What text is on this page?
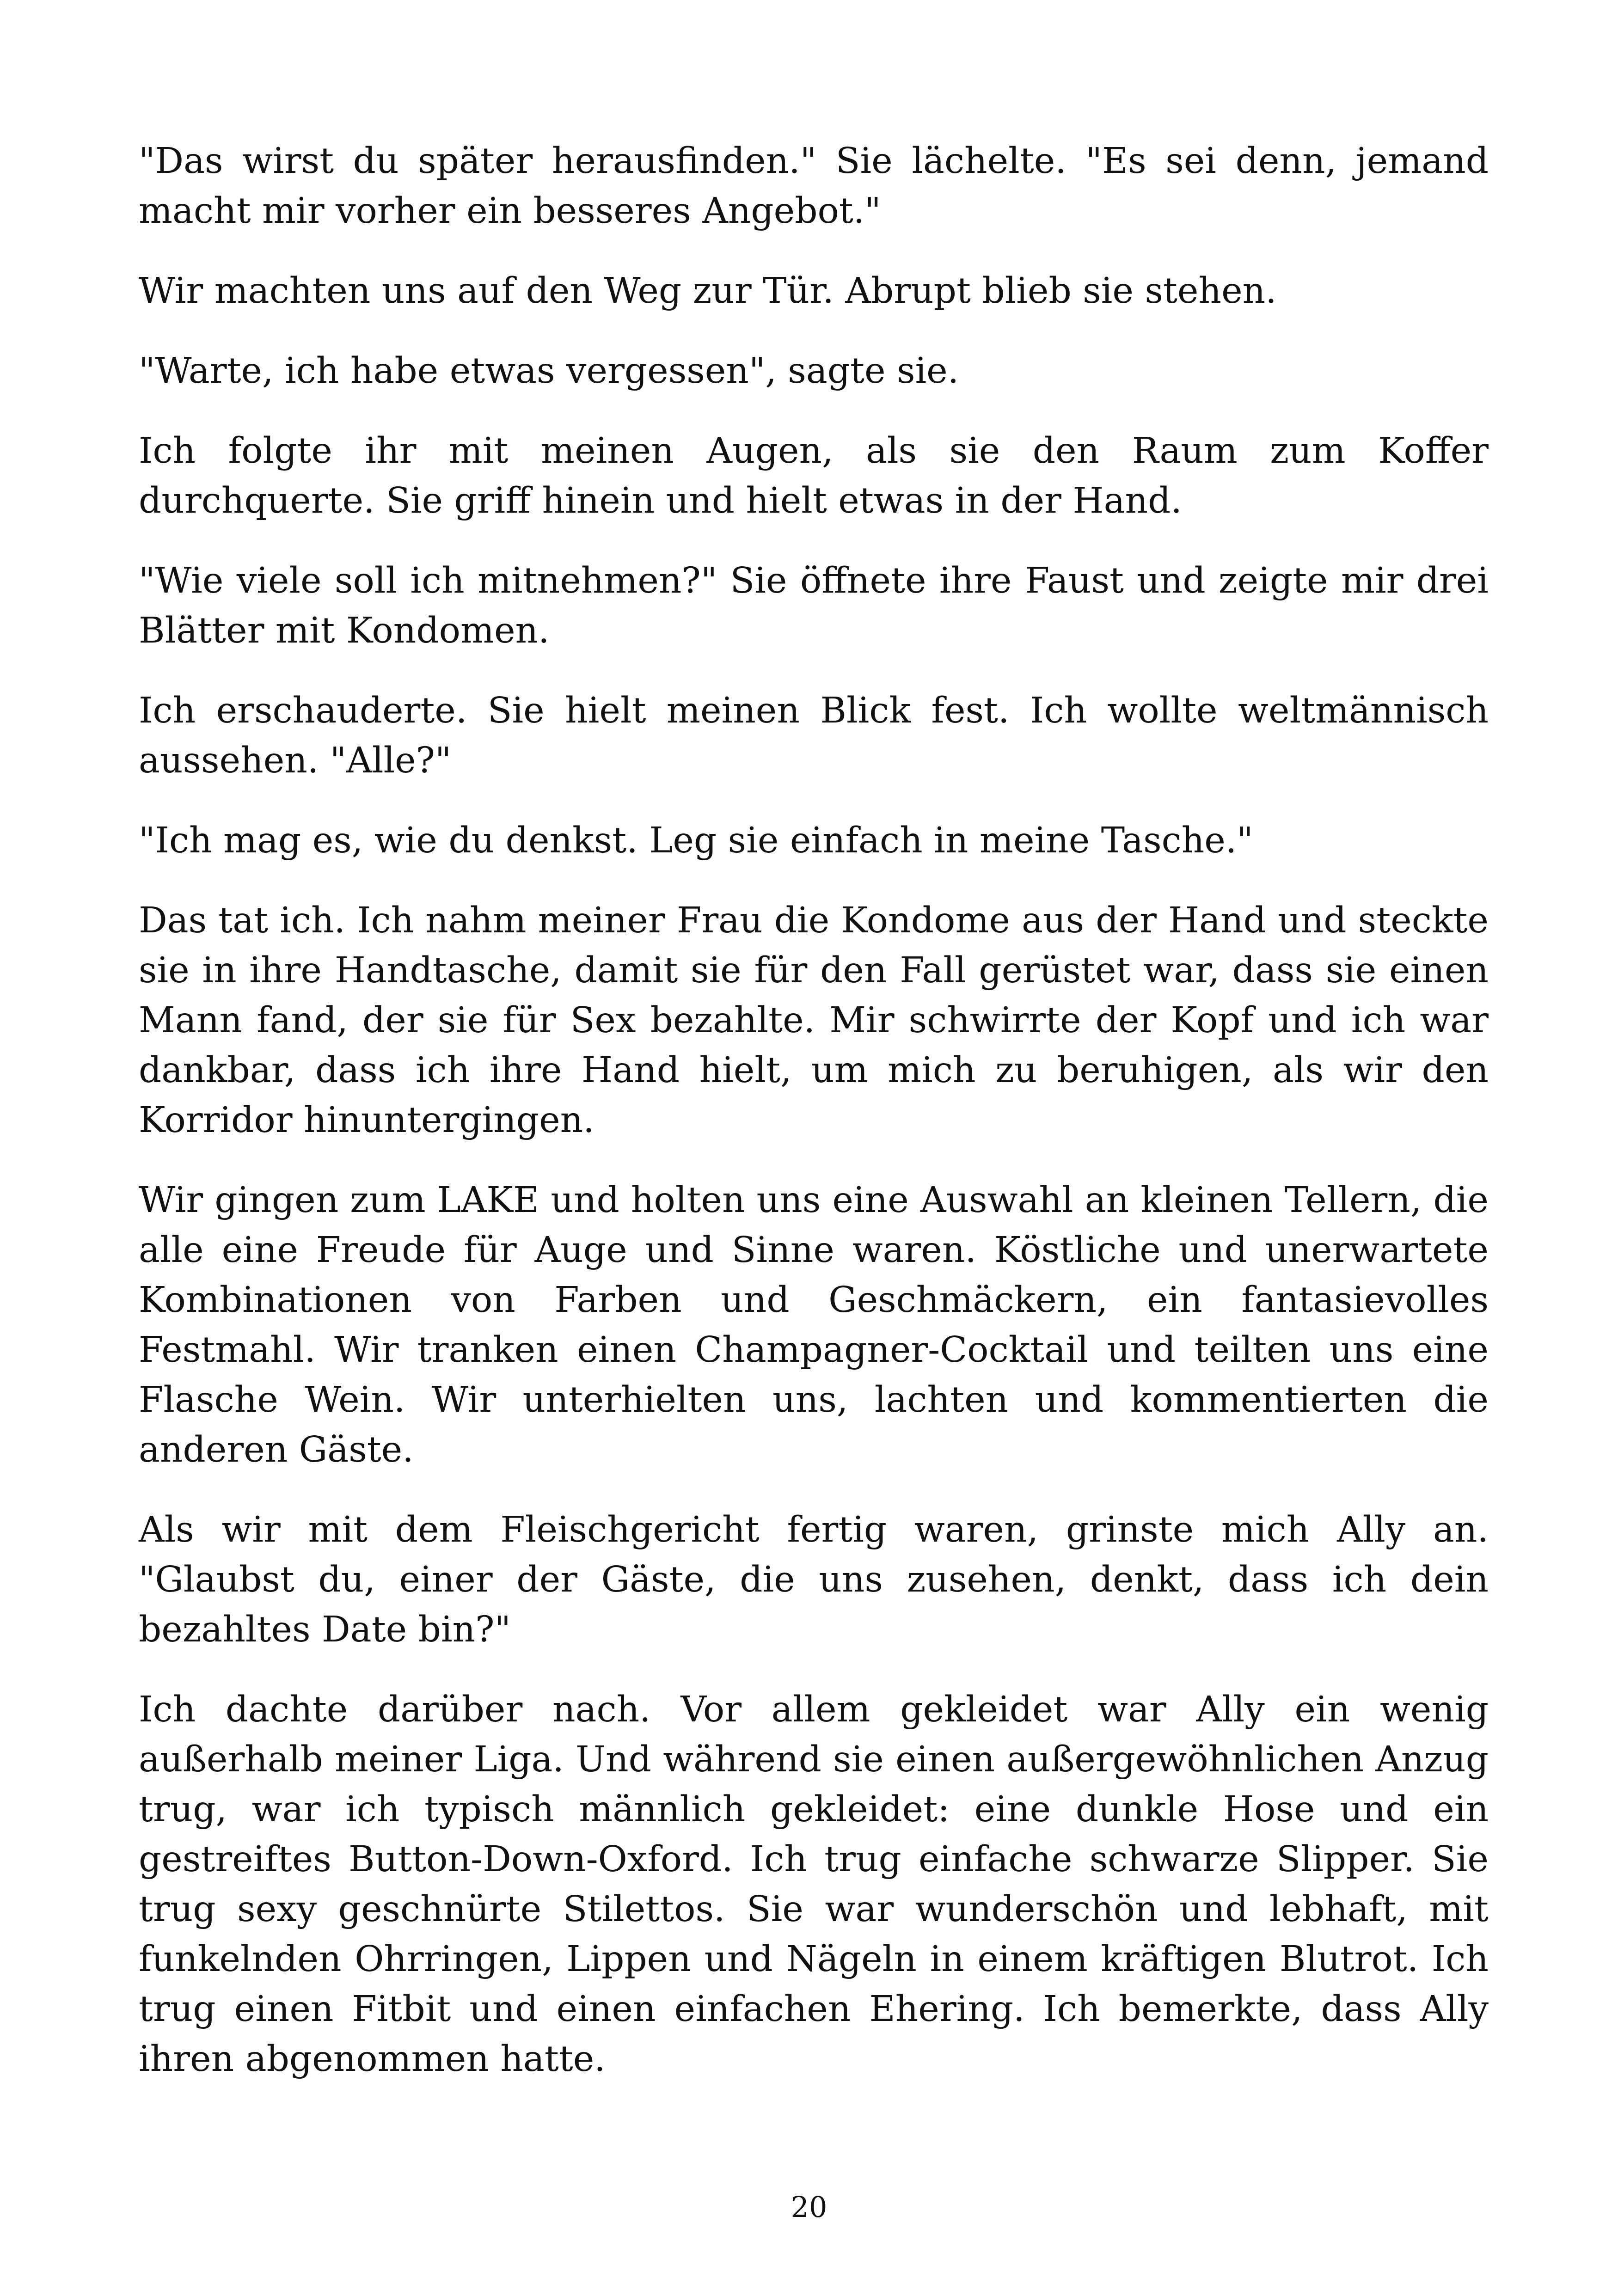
"Das wirst du später herausfinden." Sie lächelte. "Es sei denn, jemand macht mir vorher ein besseres Angebot."

Wir machten uns auf den Weg zur Tür. Abrupt blieb sie stehen.

"Warte, ich habe etwas vergessen", sagte sie.

Ich folgte ihr mit meinen Augen, als sie den Raum zum Koffer durchquerte. Sie griff hinein und hielt etwas in der Hand.

"Wie viele soll ich mitnehmen?" Sie öffnete ihre Faust und zeigte mir drei Blätter mit Kondomen.

Ich erschauderte. Sie hielt meinen Blick fest. Ich wollte weltmännisch aussehen. "Alle?"

"Ich mag es, wie du denkst. Leg sie einfach in meine Tasche."

Das tat ich. Ich nahm meiner Frau die Kondome aus der Hand und steckte sie in ihre Handtasche, damit sie für den Fall gerüstet war, dass sie einen Mann fand, der sie für Sex bezahlte. Mir schwirrte der Kopf und ich war dankbar, dass ich ihre Hand hielt, um mich zu beruhigen, als wir den Korridor hinuntergingen.

Wir gingen zum LAKE und holten uns eine Auswahl an kleinen Tellern, die alle eine Freude für Auge und Sinne waren. Köstliche und unerwartete Kombinationen von Farben und Geschmäckern, ein fantasievolles Festmahl. Wir tranken einen Champagner-Cocktail und teilten uns eine Flasche Wein. Wir unterhielten uns, lachten und kommentierten die anderen Gäste.

Als wir mit dem Fleischgericht fertig waren, grinste mich Ally an. "Glaubst du, einer der Gäste, die uns zusehen, denkt, dass ich dein bezahltes Date bin?"

Ich dachte darüber nach. Vor allem gekleidet war Ally ein wenig außerhalb meiner Liga. Und während sie einen außergewöhnlichen Anzug trug, war ich typisch männlich gekleidet: eine dunkle Hose und ein gestreiftes Button-Down-Oxford. Ich trug einfache schwarze Slipper. Sie trug sexy geschnürte Stilettos. Sie war wunderschön und lebhaft, mit funkelnden Ohrringen, Lippen und Nägeln in einem kräftigen Blutrot. Ich trug einen Fitbit und einen einfachen Ehering. Ich bemerkte, dass Ally ihren abgenommen hatte.

20
